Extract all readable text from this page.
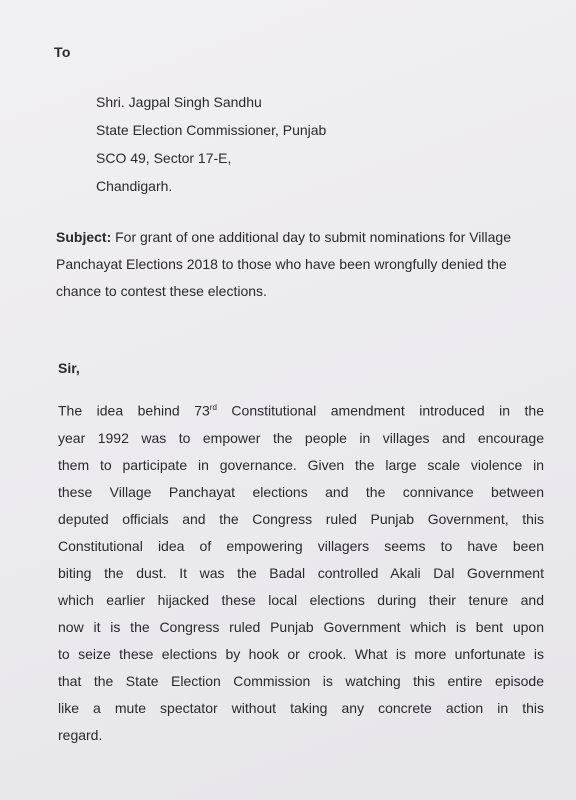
To
Shri. Jagpal Singh Sandhu
State Election Commissioner, Punjab
SCO 49, Sector 17-E,
Chandigarh.
Subject: For grant of one additional day to submit nominations for Village Panchayat Elections 2018 to those who have been wrongfully denied the chance to contest these elections.
Sir,
The idea behind 73rd Constitutional amendment introduced in the
year 1992 was to empower the people in villages and encourage
them to participate in governance. Given the large scale violence in
these Village Panchayat elections and the connivance between
deputed officials and the Congress ruled Punjab Government, this
Constitutional idea of empowering villagers seems to have been
biting the dust. It was the Badal controlled Akali Dal Government
which earlier hijacked these local elections during their tenure and
now it is the Congress ruled Punjab Government which is bent upon
to seize these elections by hook or crook. What is more unfortunate is
that the State Election Commission is watching this entire episode
like a mute spectator without taking any concrete action in this
regard.
